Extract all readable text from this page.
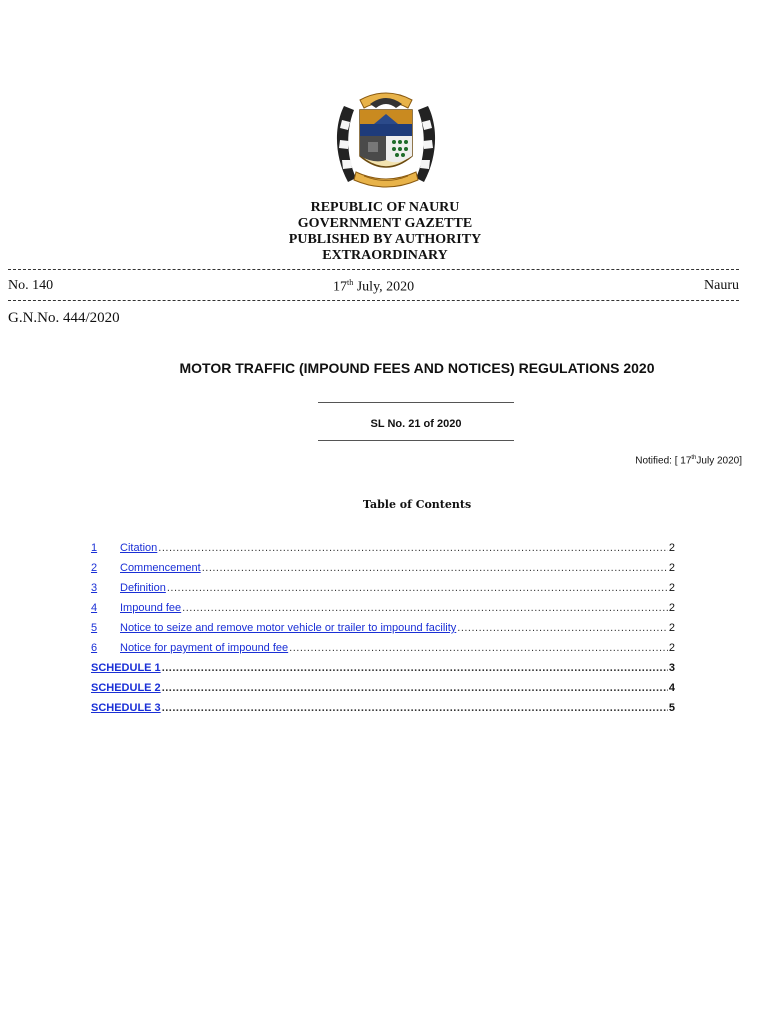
REPUBLIC OF NAURU
GOVERNMENT GAZETTE
PUBLISHED BY AUTHORITY
EXTRAORDINARY
No. 140	17th July, 2020	Nauru
G.N.No. 444/2020
MOTOR TRAFFIC (IMPOUND FEES AND NOTICES) REGULATIONS 2020
SL No. 21 of 2020
Notified: [ 17thJuly 2020]
Table of Contents
1	Citation .....	2
2	Commencement .....	2
3	Definition .....	2
4	Impound fee .....	2
5	Notice to seize and remove motor vehicle or trailer to impound facility .....	2
6	Notice for payment of impound fee .....	2
SCHEDULE 1 .....	3
SCHEDULE 2 .....	4
SCHEDULE 3 .....	5
